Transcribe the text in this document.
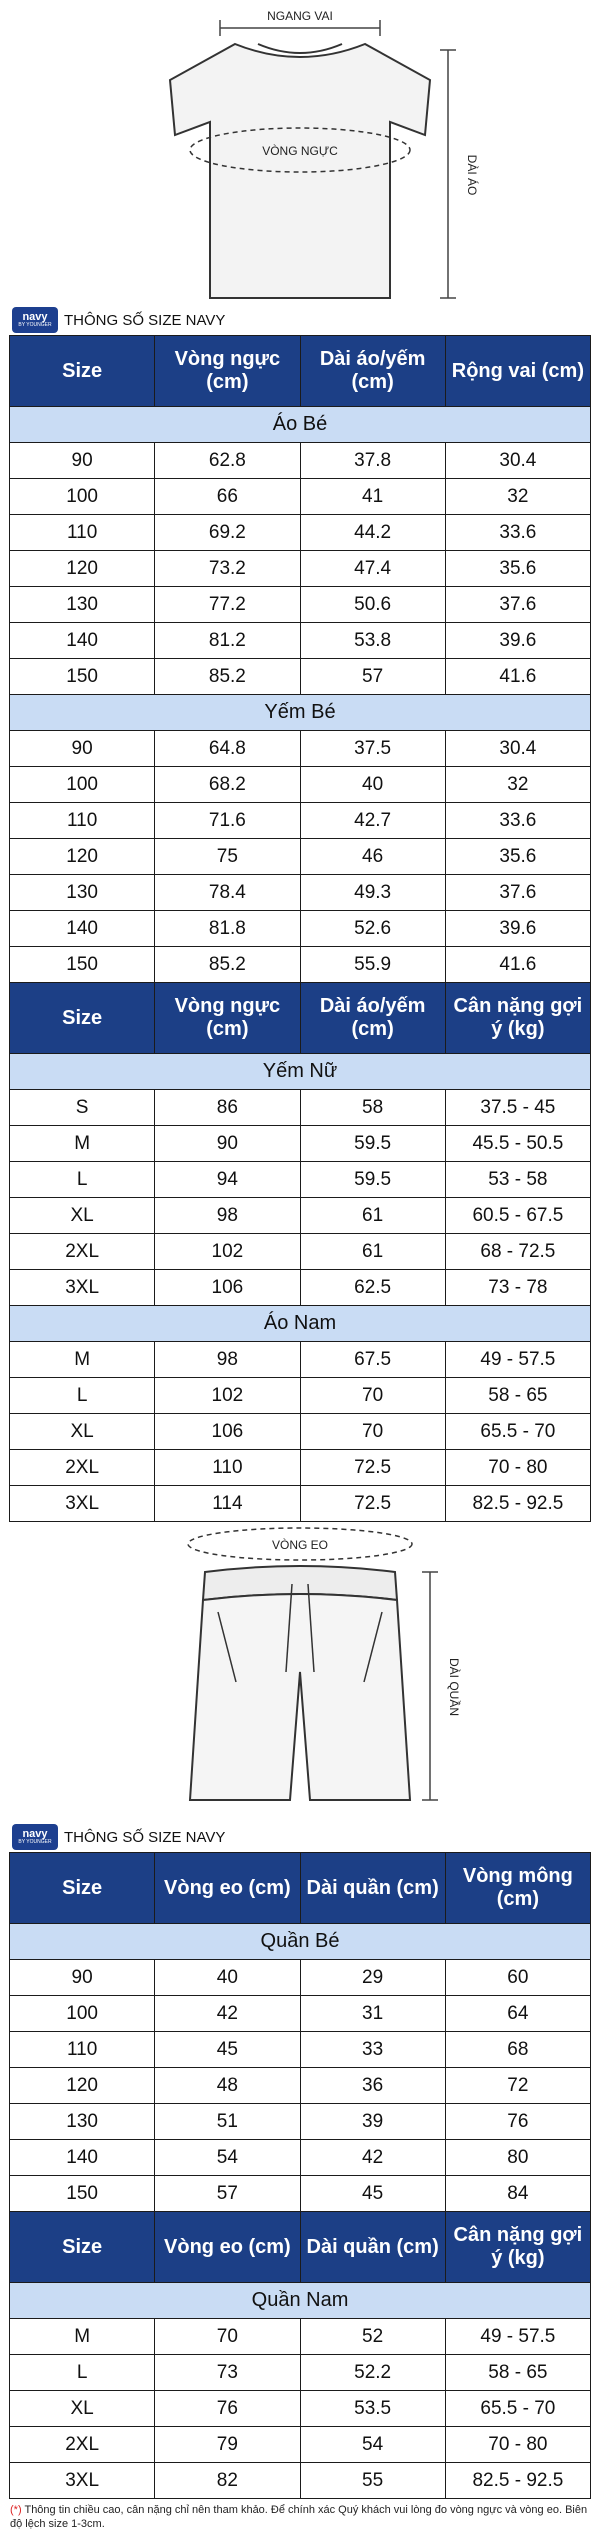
NGANG VAI
VÒNG NGỰC
DÀI ÁO
navy
BY YOUNGER THÔNG SỐ SIZE NAVY
Size	Vòng ngực (cm)	Dài áo/yếm (cm)	Rộng vai (cm)
Áo Bé			
90	62.8	37.8	30.4
100	66	41	32
110	69.2	44.2	33.6
120	73.2	47.4	35.6
130	77.2	50.6	37.6
140	81.2	53.8	39.6
150	85.2	57	41.6
Yếm Bé			
90	64.8	37.5	30.4
100	68.2	40	32
110	71.6	42.7	33.6
120	75	46	35.6
130	78.4	49.3	37.6
140	81.8	52.6	39.6
150	85.2	55.9	41.6
Size	Vòng ngực (cm)	Dài áo/yếm (cm)	Cân nặng gợi ý (kg)
Yếm Nữ			
S	86	58	37.5 - 45
M	90	59.5	45.5 - 50.5
L	94	59.5	53 - 58
XL	98	61	60.5 - 67.5
2XL	102	61	68 - 72.5
3XL	106	62.5	73 - 78
Áo Nam			
M	98	67.5	49 - 57.5
L	102	70	58 - 65
XL	106	70	65.5 - 70
2XL	110	72.5	70 - 80
3XL	114	72.5	82.5 - 92.5
VÒNG EO
DÀI QUẦN
navy
BY YOUNGER THÔNG SỐ SIZE NAVY
Size	Vòng eo (cm)	Dài quần (cm)	Vòng mông (cm)
Quần Bé			
90	40	29	60
100	42	31	64
110	45	33	68
120	48	36	72
130	51	39	76
140	54	42	80
150	57	45	84
Size	Vòng eo (cm)	Dài quần (cm)	Cân nặng gợi ý (kg)
Quần Nam			
M	70	52	49 - 57.5
L	73	52.2	58 - 65
XL	76	53.5	65.5 - 70
2XL	79	54	70 - 80
3XL	82	55	82.5 - 92.5
(*) Thông tin chiều cao, cân nặng chỉ nên tham khảo. Để chính xác Quý khách vui lòng đo vòng ngực và vòng eo. Biên độ lệch size 1-3cm.
